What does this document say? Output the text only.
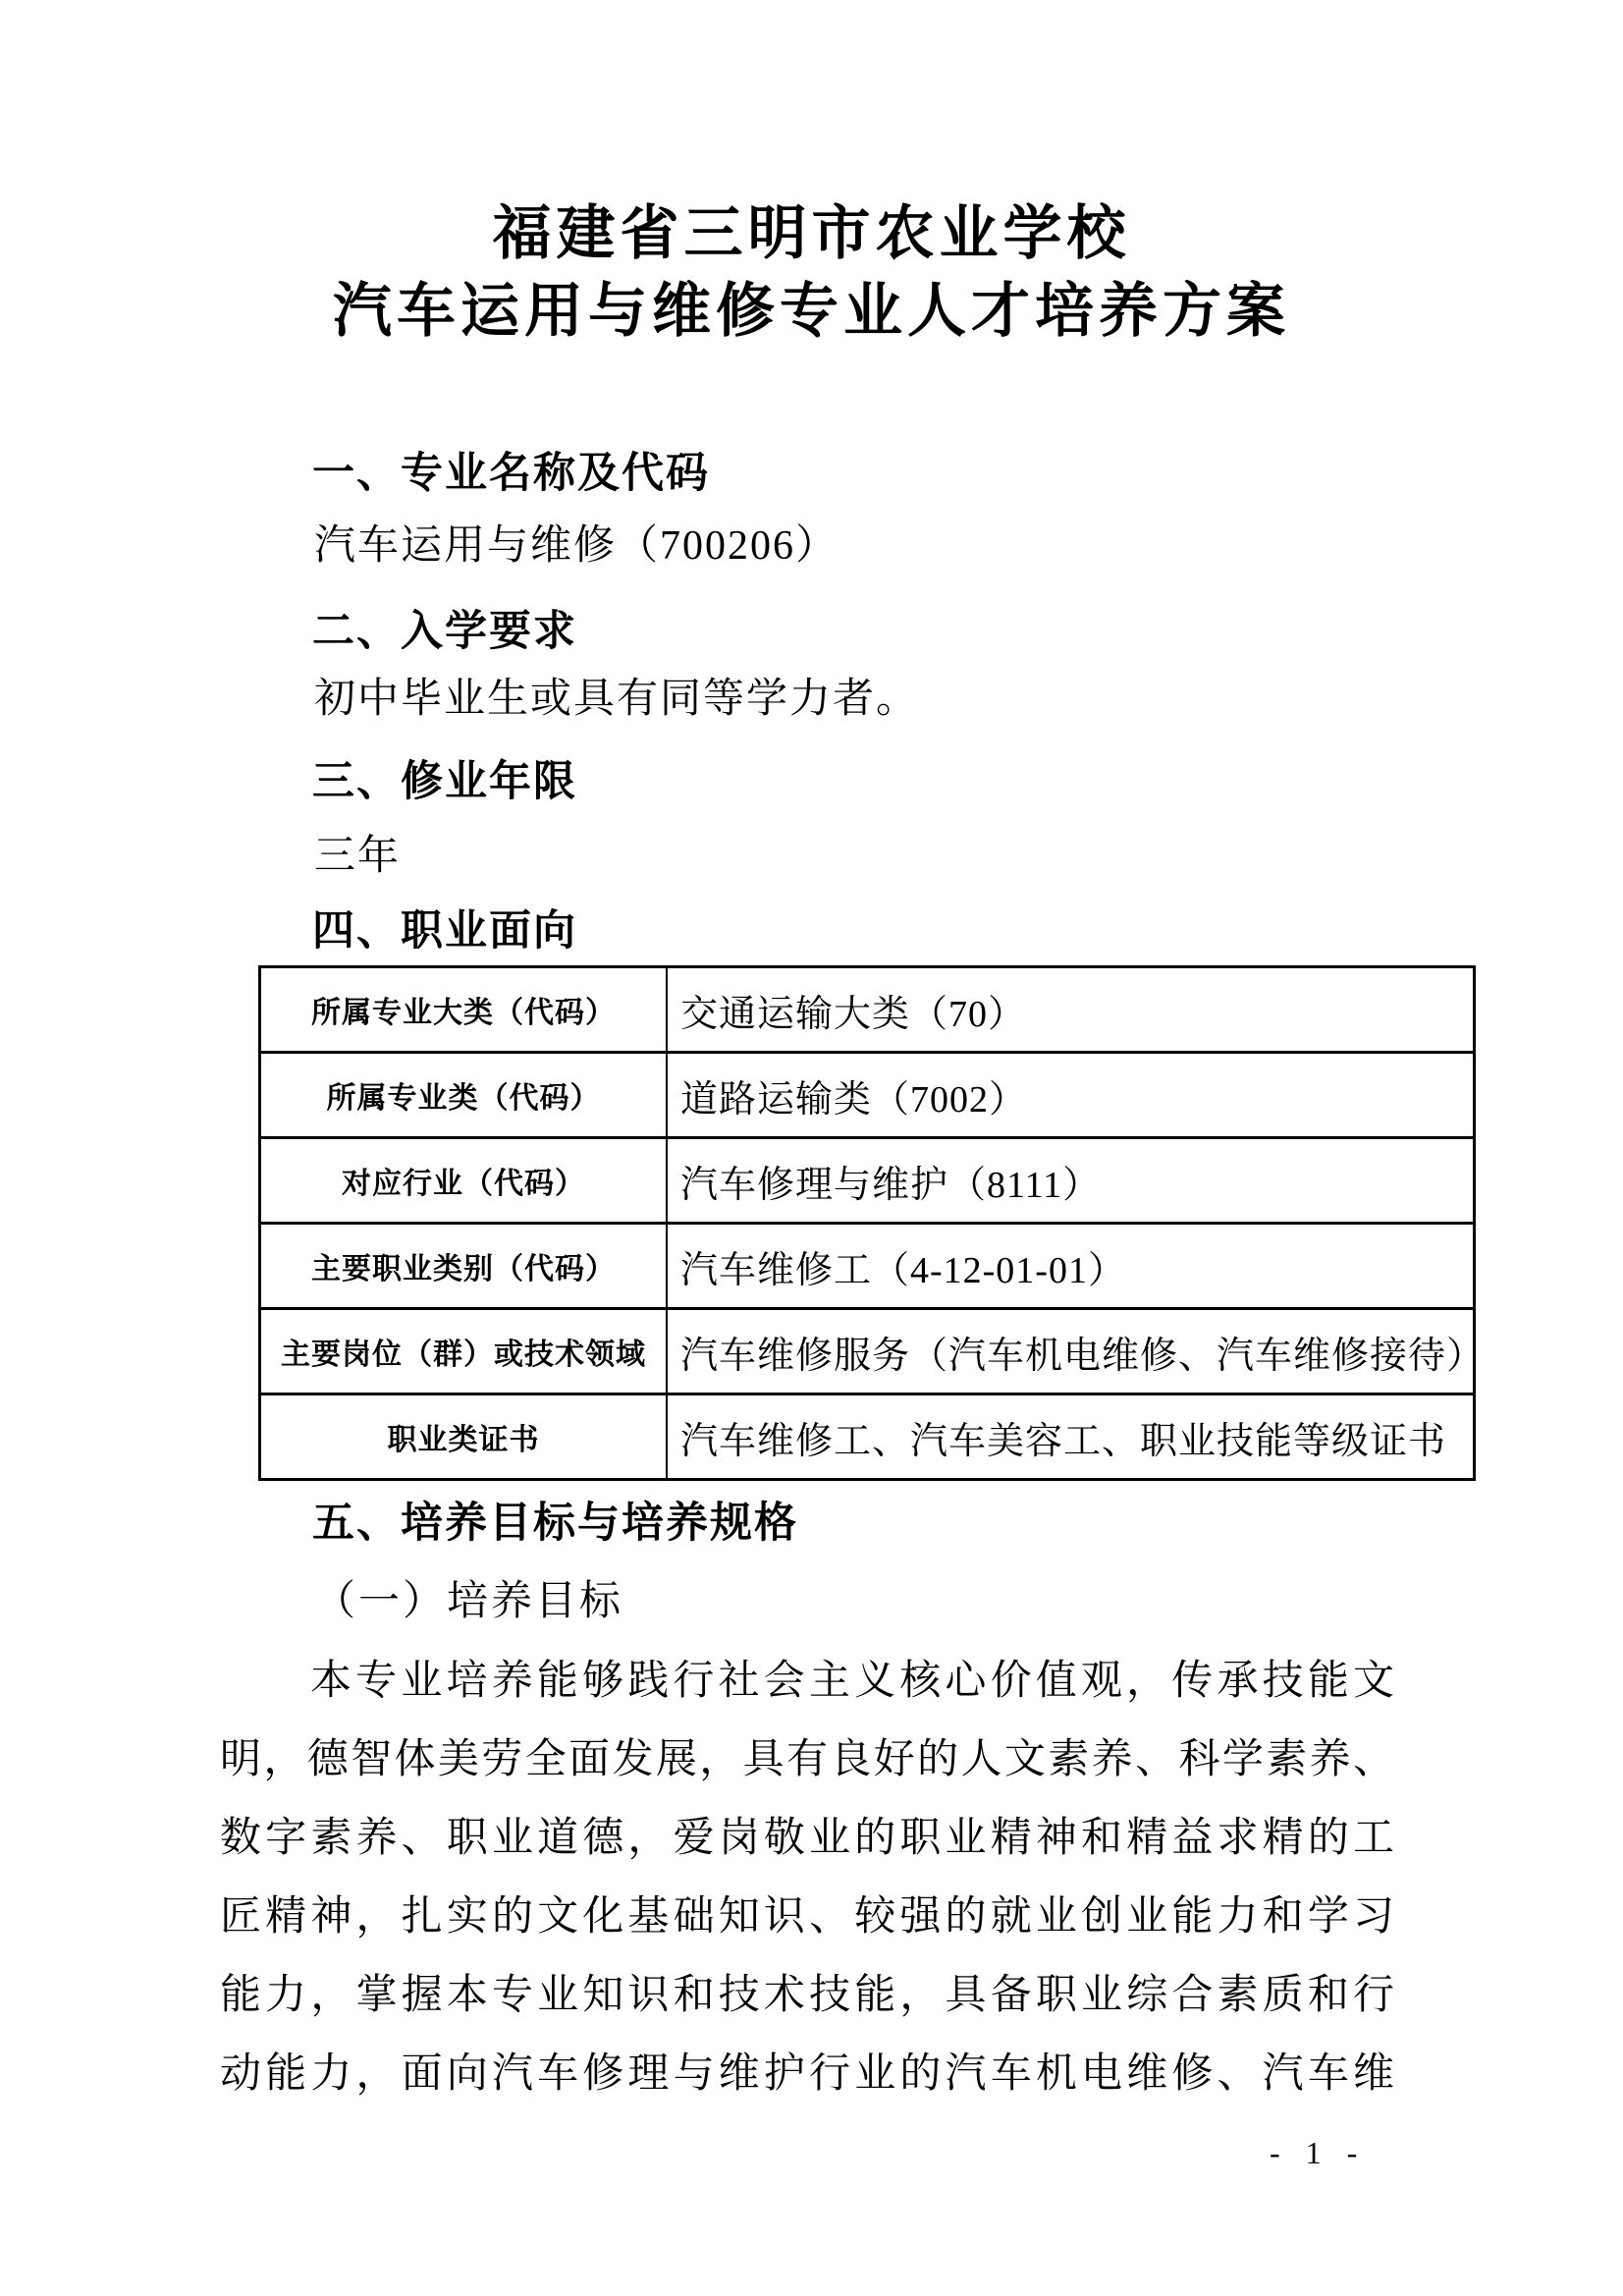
福建省三明市农业学校
汽车运用与维修专业人才培养方案
一、专业名称及代码
汽车运用与维修（700206）
二、入学要求
初中毕业生或具有同等学力者。
三、修业年限
三年
四、职业面向
所属专业大类（代码）	交通运输大类（70）
所属专业类（代码）	道路运输类（7002）
对应行业（代码）	汽车修理与维护（8111）
主要职业类别（代码）	汽车维修工（4-12-01-01）
主要岗位（群）或技术领域	汽车维修服务（汽车机电维修、汽车维修接待）
职业类证书	汽车维修工、汽车美容工、职业技能等级证书
五、培养目标与培养规格
（一）培养目标
本专业培养能够践行社会主义核心价值观，传承技能文
明，德智体美劳全面发展，具有良好的人文素养、科学素养、
数字素养、职业道德，爱岗敬业的职业精神和精益求精的工
匠精神，扎实的文化基础知识、较强的就业创业能力和学习
能力，掌握本专业知识和技术技能，具备职业综合素质和行
动能力，面向汽车修理与维护行业的汽车机电维修、汽车维
- 1 -
